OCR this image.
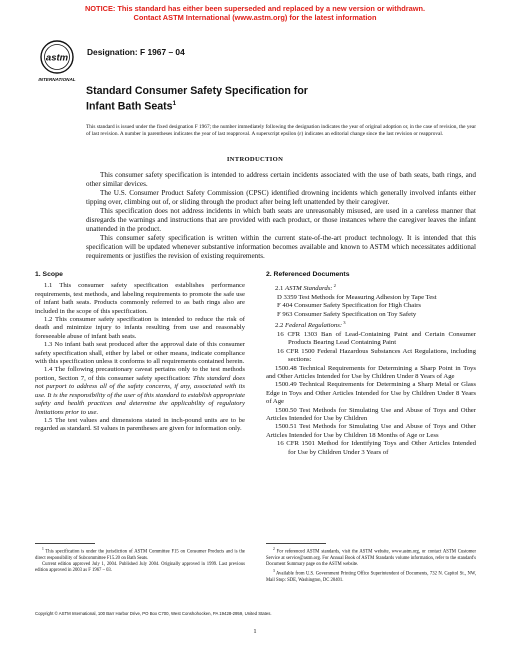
NOTICE: This standard has either been superseded and replaced by a new version or withdrawn.
Contact ASTM International (www.astm.org) for the latest information
astm
INTERNATIONAL
Designation: F 1967 – 04
Standard Consumer Safety Specification for
Infant Bath Seats$^1$
This standard is issued under the fixed designation F 1967; the number immediately following the designation indicates the year of original adoption or, in the case of revision, the year of last revision. A number in parentheses indicates the year of last reapproval. A superscript epsilon (ε) indicates an editorial change since the last revision or reapproval.
INTRODUCTION

This consumer safety specification is intended to address certain incidents associated with the use of bath seats, bath rings, and other similar devices.

The U.S. Consumer Product Safety Commission (CPSC) identified drowning incidents which generally involved infants either tipping over, climbing out of, or sliding through the product after being left unattended by their caregiver.

This specification does not address incidents in which bath seats are unreasonably misused, are used in a careless manner that disregards the warnings and instructions that are provided with each product, or those instances where the caregiver leaves the infant unattended in the product.

This consumer safety specification is written within the current state-of-the-art product technology. It is intended that this specification will be updated whenever substantive information becomes available and known to ASTM which necessitates additional requirements or justifies the revision of existing requirements.

1. Scope

1.1 This consumer safety specification establishes performance requirements, test methods, and labeling requirements to promote the safe use of infant bath seats. Products commonly referred to as bath rings also are included in the scope of this specification.

1.2 This consumer safety specification is intended to reduce the risk of death and minimize injury to infants resulting from use and reasonably foreseeable abuse of infant bath seats.

1.3 No infant bath seat produced after the approval date of this consumer safety specification shall, either by label or other means, indicate compliance with this specification unless it conforms to all requirements contained herein.

1.4 The following precautionary caveat pertains only to the test methods portion, Section 7, of this consumer safety specification: This standard does not purport to address all of the safety concerns, if any, associated with its use. It is the responsibility of the user of this standard to establish appropriate safety and health practices and determine the applicability of regulatory limitations prior to use.

1.5 The test values and dimensions stated in inch-pound units are to be regarded as standard. SI values in parentheses are given for information only.

2. Referenced Documents

2.1 ASTM Standards: $^2$

D 3359 Test Methods for Measuring Adhesion by Tape Test

F 404 Consumer Safety Specification for High Chairs

F 963 Consumer Safety Specification on Toy Safety

2.2 Federal Regulations: $^3$

16 CFR 1303 Ban of Lead-Containing Paint and Certain Consumer Products Bearing Lead Containing Paint

16 CFR 1500 Federal Hazardous Substances Act Regulations, including sections:

1500.48 Technical Requirements for Determining a Sharp Point in Toys and Other Articles Intended for Use by Children Under 8 Years of Age

1500.49 Technical Requirements for Determining a Sharp Metal or Glass Edge in Toys and Other Articles Intended for Use by Children Under 8 Years of Age

1500.50 Test Methods for Simulating Use and Abuse of Toys and Other Articles Intended for Use by Children

1500.51 Test Methods for Simulating Use and Abuse of Toys and Other Articles Intended for Use by Children 18 Months of Age or Less

16 CFR 1501 Method for Identifying Toys and Other Articles Intended for Use by Children Under 3 Years of

$^1$ This specification is under the jurisdiction of ASTM Committee F15 on Consumer Products and is the direct responsibility of Subcommittee F15.20 on Bath Seats.

Current edition approved July 1, 2004. Published July 2004. Originally approved in 1999. Last previous edition approved in 2003 as F 1967 – 03.

$^2$ For referenced ASTM standards, visit the ASTM website, www.astm.org, or contact ASTM Customer Service at service@astm.org. For Annual Book of ASTM Standards volume information, refer to the standard's Document Summary page on the ASTM website.

$^3$ Available from U.S. Government Printing Office Superintendent of Documents, 732 N. Capitol St., NW, Mail Stop: SDE, Washington, DC 20401.

Copyright © ASTM International, 100 Barr Harbor Drive, PO Box C700, West Conshohocken, PA 19428-2959, United States.
1
